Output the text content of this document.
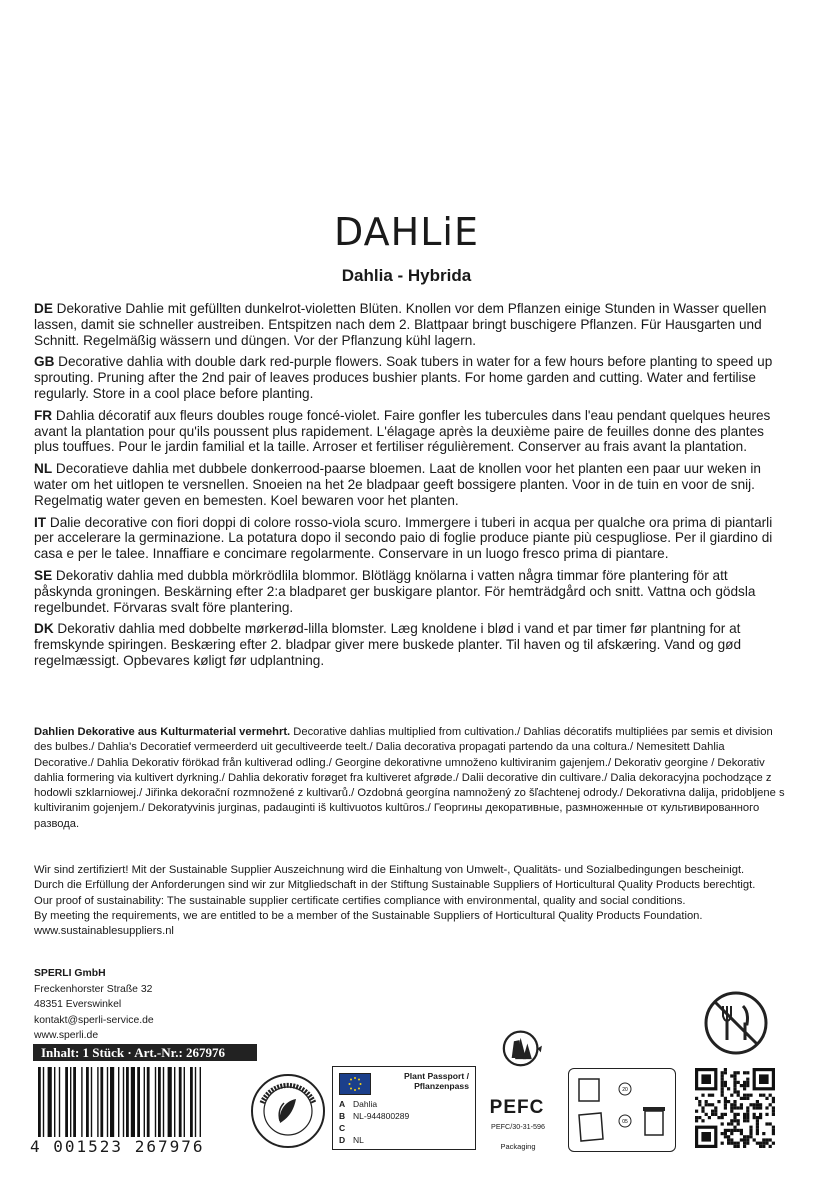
DAHLiE
Dahlia - Hybrida

DE Dekorative Dahlie mit gefüllten dunkelrot-violetten Blüten. Knollen vor dem Pflanzen einige Stunden in Wasser quellen lassen, damit sie schneller austreiben. Entspitzen nach dem 2. Blattpaar bringt buschigere Pflanzen. Für Hausgarten und Schnitt. Regelmäßig wässern und düngen. Vor der Pflanzung kühl lagern.

GB Decorative dahlia with double dark red-purple flowers. Soak tubers in water for a few hours before planting to speed up sprouting. Pruning after the 2nd pair of leaves produces bushier plants. For home garden and cutting. Water and fertilise regularly. Store in a cool place before planting.

FR Dahlia décoratif aux fleurs doubles rouge foncé-violet. Faire gonfler les tubercules dans l'eau pendant quelques heures avant la plantation pour qu'ils poussent plus rapidement. L'élagage après la deuxième paire de feuilles donne des plantes plus touffues. Pour le jardin familial et la taille. Arroser et fertiliser régulièrement. Conserver au frais avant la plantation.

NL Decoratieve dahlia met dubbele donkerrood-paarse bloemen. Laat de knollen voor het planten een paar uur weken in water om het uitlopen te versnellen. Snoeien na het 2e bladpaar geeft bossigere planten. Voor in de tuin en voor de snij. Regelmatig water geven en bemesten. Koel bewaren voor het planten.

IT Dalie decorative con fiori doppi di colore rosso-viola scuro. Immergere i tuberi in acqua per qualche ora prima di piantarli per accelerare la germinazione. La potatura dopo il secondo paio di foglie produce piante più cespugliose. Per il giardino di casa e per le talee. Innaffiare e concimare regolarmente. Conservare in un luogo fresco prima di piantare.

SE Dekorativ dahlia med dubbla mörkrödlila blommor. Blötlägg knölarna i vatten några timmar före plantering för att påskynda groningen. Beskärning efter 2:a bladparet ger buskigare plantor. För hemträdgård och snitt. Vattna och gödsla regelbundet. Förvaras svalt före plantering.

DK Dekorativ dahlia med dobbelte mørkerød-lilla blomster. Læg knoldene i blød i vand et par timer før plantning for at fremskynde spiringen. Beskæring efter 2. bladpar giver mere buskede planter. Til haven og til afskæring. Vand og gød regelmæssigt. Opbevares køligt før udplantning.

Dahlien Dekorative aus Kulturmaterial vermehrt. Decorative dahlias multiplied from cultivation./ Dahlias décoratifs multipliées par semis et division des bulbes./ Dahlia's Decoratief vermeerderd uit gecultiveerde teelt./ Dalia decorativa propagati partendo da una coltura./ Nemesitett Dahlia Decorative./ Dahlia Dekorativ förökad från kultiverad odling./ Georgine dekorativne umnoženo kultiviranim gajenjem./ Dekorativ georgine / Dekorativ dahlia formering via kultivert dyrkning./ Dahlia dekorativ forøget fra kultiveret afgrøde./ Dalii decorative din cultivare./ Dalia dekoracyjna pochodzące z hodowli szklarniowej./ Jiřinka dekorační rozmnožené z kultivarů./ Ozdobná georgína namnožený zo šľachtenej odrody./ Dekorativna dalija, pridobljene s kultiviranim gojenjem./ Dekoratyvinis jurginas, padauginti iš kultivuotos kultūros./ Георгины декоративные, размноженные от культивированного развода.
Wir sind zertifiziert! Mit der Sustainable Supplier Auszeichnung wird die Einhaltung von Umwelt-, Qualitäts- und Sozialbedingungen bescheinigt.
Durch die Erfüllung der Anforderungen sind wir zur Mitgliedschaft in der Stiftung Sustainable Suppliers of Horticultural Quality Products berechtigt.
Our proof of sustainability: The sustainable supplier certificate certifies compliance with environmental, quality and social conditions.
By meeting the requirements, we are entitled to be a member of the Sustainable Suppliers of Horticultural Quality Products Foundation.
www.sustainablesuppliers.nl
SPERLI GmbH
Freckenhorster Straße 32
48351 Everswinkel
kontakt@sperli-service.de
www.sperli.de
Inhalt: 1 Stück · Art.-Nr.: 267976
4 001523 267976
Plant Passport /
Pflanzenpass
A Dahlia
B NL-944800289
C
D NL
PEFC
PEFC/30-31-596
Packaging
20
05
